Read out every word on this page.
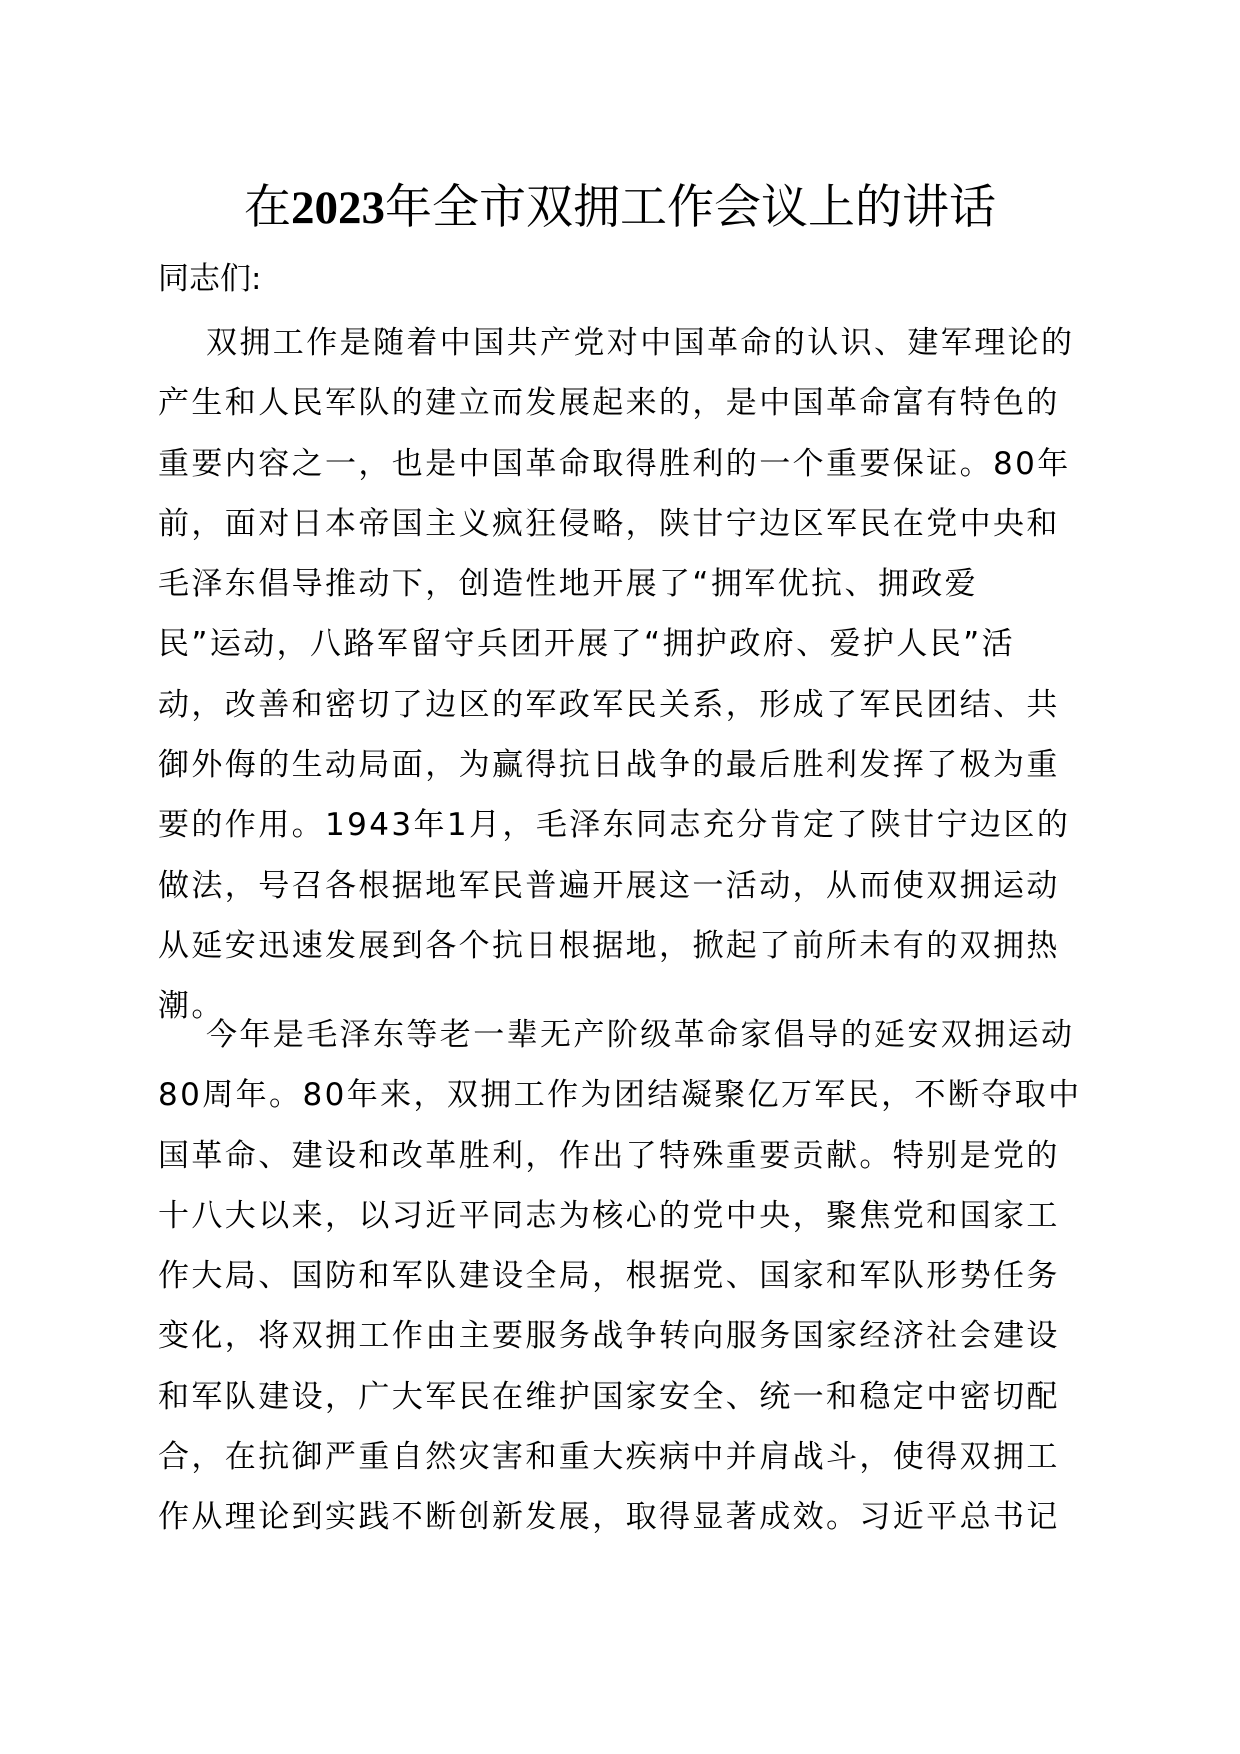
在2023年全市双拥工作会议上的讲话
同志们:
双拥工作是随着中国共产党对中国革命的认识、建军理论的
产生和人民军队的建立而发展起来的，是中国革命富有特色的
重要内容之一，也是中国革命取得胜利的一个重要保证。80年
前，面对日本帝国主义疯狂侵略，陕甘宁边区军民在党中央和
毛泽东倡导推动下，创造性地开展了“拥军优抗、拥政爱
民”运动，八路军留守兵团开展了“拥护政府、爱护人民”活
动，改善和密切了边区的军政军民关系，形成了军民团结、共
御外侮的生动局面，为赢得抗日战争的最后胜利发挥了极为重
要的作用。1943年1月，毛泽东同志充分肯定了陕甘宁边区的
做法，号召各根据地军民普遍开展这一活动，从而使双拥运动
从延安迅速发展到各个抗日根据地，掀起了前所未有的双拥热
潮。
今年是毛泽东等老一辈无产阶级革命家倡导的延安双拥运动
80周年。80年来，双拥工作为团结凝聚亿万军民，不断夺取中
国革命、建设和改革胜利，作出了特殊重要贡献。特别是党的
十八大以来，以习近平同志为核心的党中央，聚焦党和国家工
作大局、国防和军队建设全局，根据党、国家和军队形势任务
变化，将双拥工作由主要服务战争转向服务国家经济社会建设
和军队建设，广大军民在维护国家安全、统一和稳定中密切配
合，在抗御严重自然灾害和重大疾病中并肩战斗，使得双拥工
作从理论到实践不断创新发展，取得显著成效。习近平总书记
